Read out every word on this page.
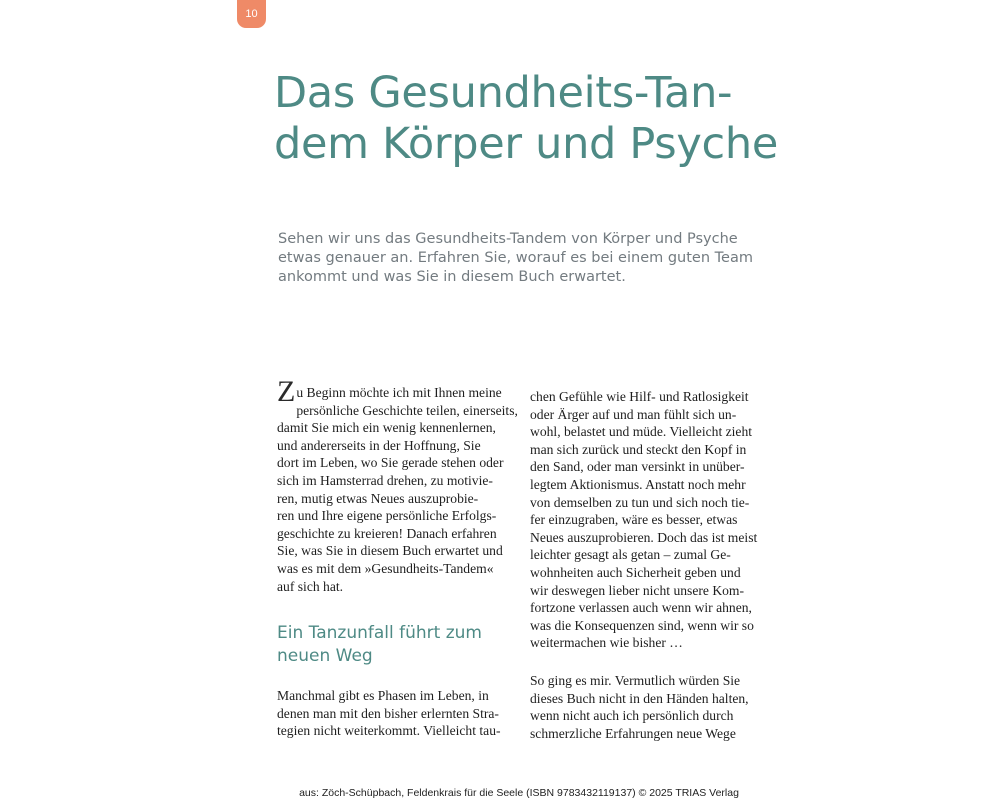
10
Das Gesundheits-Tan-
dem Körper und Psyche

Sehen wir uns das Gesundheits-Tandem von Körper und Psyche
etwas genauer an. Erfahren Sie, worauf es bei einem guten Team
ankommt und was Sie in diesem Buch erwartet.

Z u Beginn möchte ich mit Ihnen meine
persönliche Geschichte teilen, einerseits,
damit Sie mich ein wenig kennenlernen,
und andererseits in der Hoffnung, Sie
dort im Leben, wo Sie gerade stehen oder
sich im Hamsterrad drehen, zu motivie-
ren, mutig etwas Neues auszuprobie-
ren und Ihre eigene persönliche Erfolgs-
geschichte zu kreieren! Danach erfahren
Sie, was Sie in diesem Buch erwartet und
was es mit dem »Gesundheits-Tandem«
auf sich hat.
Ein Tanzunfall führt zum
neuen Weg
Manchmal gibt es Phasen im Leben, in
denen man mit den bisher erlernten Stra-
tegien nicht weiterkommt. Vielleicht tau-
chen Gefühle wie Hilf- und Ratlosigkeit
oder Ärger auf und man fühlt sich un-
wohl, belastet und müde. Vielleicht zieht
man sich zurück und steckt den Kopf in
den Sand, oder man versinkt in unüber-
legtem Aktionismus. Anstatt noch mehr
von demselben zu tun und sich noch tie-
fer einzugraben, wäre es besser, etwas
Neues auszuprobieren. Doch das ist meist
leichter gesagt als getan – zumal Ge-
wohnheiten auch Sicherheit geben und
wir deswegen lieber nicht unsere Kom-
fortzone verlassen auch wenn wir ahnen,
was die Konsequenzen sind, wenn wir so
weitermachen wie bisher …
So ging es mir. Vermutlich würden Sie
dieses Buch nicht in den Händen halten,
wenn nicht auch ich persönlich durch
schmerzliche Erfahrungen neue Wege
aus: Zöch-Schüpbach, Feldenkrais für die Seele (ISBN 9783432119137) © 2025 TRIAS Verlag
